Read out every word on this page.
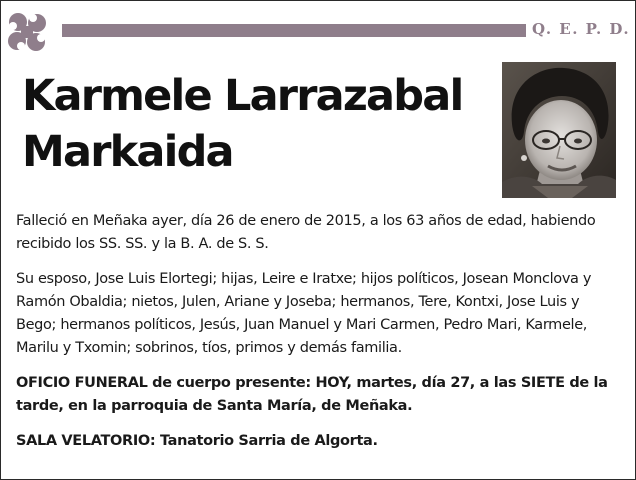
Q. E. P. D.
Karmele Larrazabal
Markaida

Falleció en Meñaka ayer, día 26 de enero de 2015, a los 63 años de edad, habiendo recibido los SS. SS. y la B. A. de S. S.

Su esposo, Jose Luis Elortegi; hijas, Leire e Iratxe; hijos políticos, Josean Monclova y Ramón Obaldia; nietos, Julen, Ariane y Joseba; hermanos, Tere, Kontxi, Jose Luis y Bego; hermanos políticos, Jesús, Juan Manuel y Mari Carmen, Pedro Mari, Karmele, Marilu y Txomin; sobrinos, tíos, primos y demás familia.

OFICIO FUNERAL de cuerpo presente: HOY, martes, día 27, a las SIETE de la tarde, en la parroquia de Santa María, de Meñaka.

SALA VELATORIO: Tanatorio Sarria de Algorta.
